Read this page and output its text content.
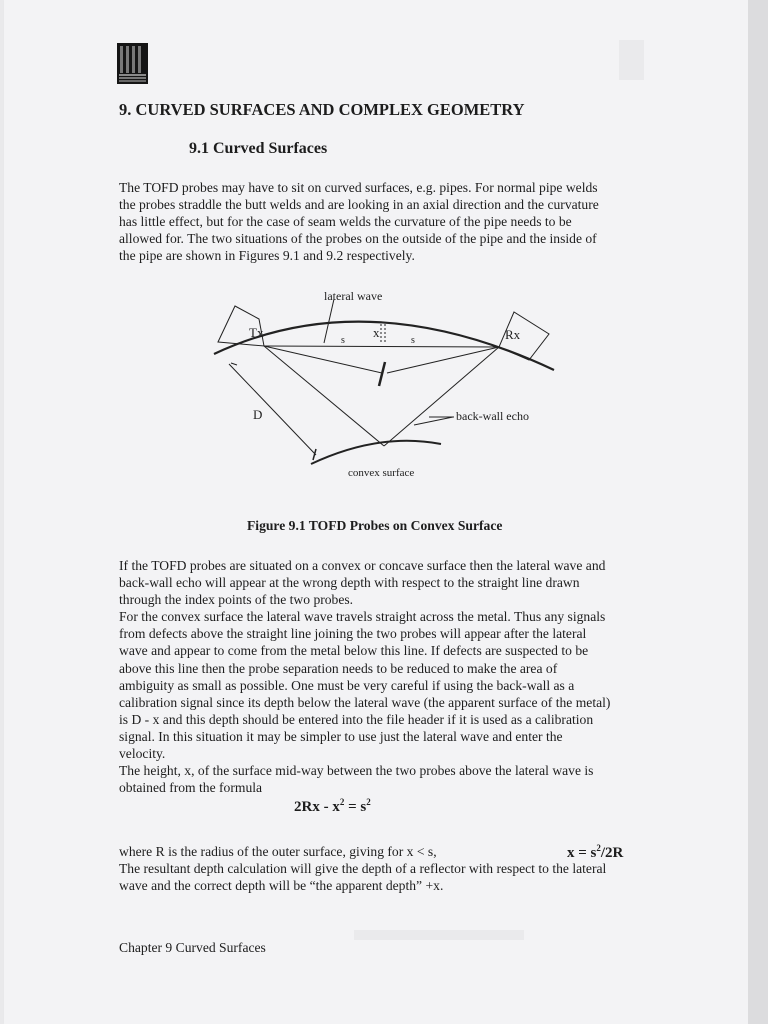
9. CURVED SURFACES AND COMPLEX GEOMETRY
9.1 Curved Surfaces
The TOFD probes may have to sit on curved surfaces, e.g. pipes. For normal pipe welds
the probes straddle the butt welds and are looking in an axial direction and the curvature
has little effect, but for the case of seam welds the curvature of the pipe needs to be
allowed for. The two situations of the probes on the outside of the pipe and the inside of
the pipe are shown in Figures 9.1 and 9.2 respectively.
lateral wave
Tx	Rx
x
s	s
D	back-wall echo
convex surface
Figure 9.1 TOFD Probes on Convex Surface
If the TOFD probes are situated on a convex or concave surface then the lateral wave and
back-wall echo will appear at the wrong depth with respect to the straight line drawn
through the index points of the two probes.
For the convex surface the lateral wave travels straight across the metal. Thus any signals
from defects above the straight line joining the two probes will appear after the lateral
wave and appear to come from the metal below this line. If defects are suspected to be
above this line then the probe separation needs to be reduced to make the area of
ambiguity as small as possible. One must be very careful if using the back-wall as a
calibration signal since its depth below the lateral wave (the apparent surface of the metal)
is D - x and this depth should be entered into the file header if it is used as a calibration
signal. In this situation it may be simpler to use just the lateral wave and enter the
velocity.
The height, x, of the surface mid-way between the two probes above the lateral wave is
obtained from the formula
$2Rx - x^2 = s^2$
where R is the radius of the outer surface, giving for x < s,
The resultant depth calculation will give the depth of a reflector with respect to the lateral
wave and the correct depth will be “the apparent depth” +x.
$x = s^2/2R$
Chapter 9 Curved Surfaces
